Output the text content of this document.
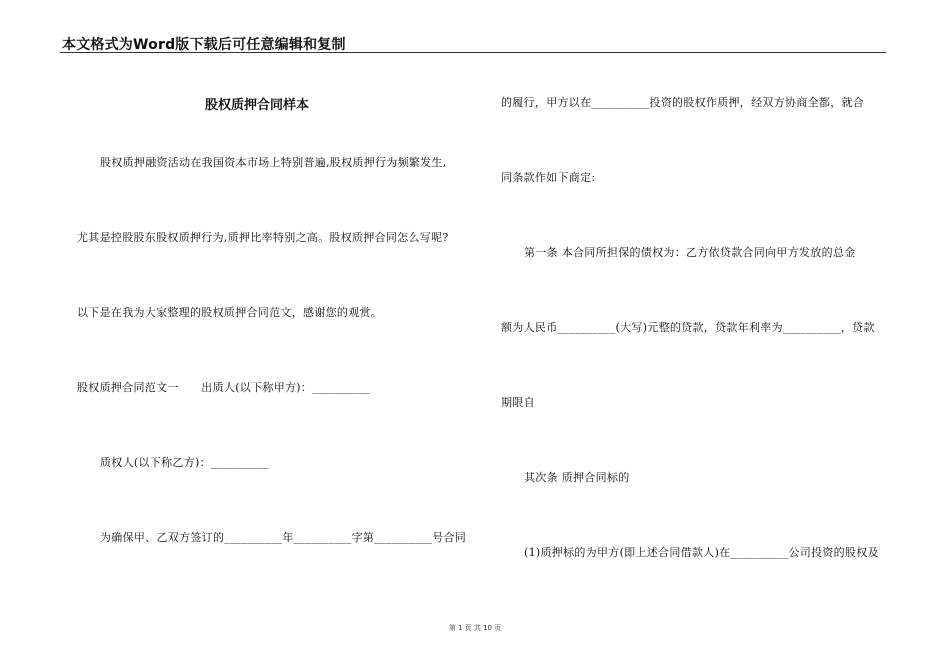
本文格式为Word版下载后可任意编辑和复制
股权质押合同样本
股权质押融资活动在我国资本市场上特别普遍,股权质押行为频繁发生,
尤其是控股股东股权质押行为,质押比率特别之高。股权质押合同怎么写呢?
以下是在我为大家整理的股权质押合同范文，感谢您的观赏。
股权质押合同范文一　　出质人(以下称甲方)：__________
质权人(以下称乙方)：__________
为确保甲、乙双方签订的__________年__________字第__________号合同
的履行，甲方以在__________投资的股权作质押，经双方协商全都，就合
同条款作如下商定:
第一条 本合同所担保的债权为：乙方依贷款合同向甲方发放的总金
额为人民币__________(大写)元整的贷款，贷款年利率为__________，贷款
期限自
其次条 质押合同标的
(1)质押标的为甲方(即上述合同借款人)在__________公司投资的股权及
第 1 页 共 10 页
